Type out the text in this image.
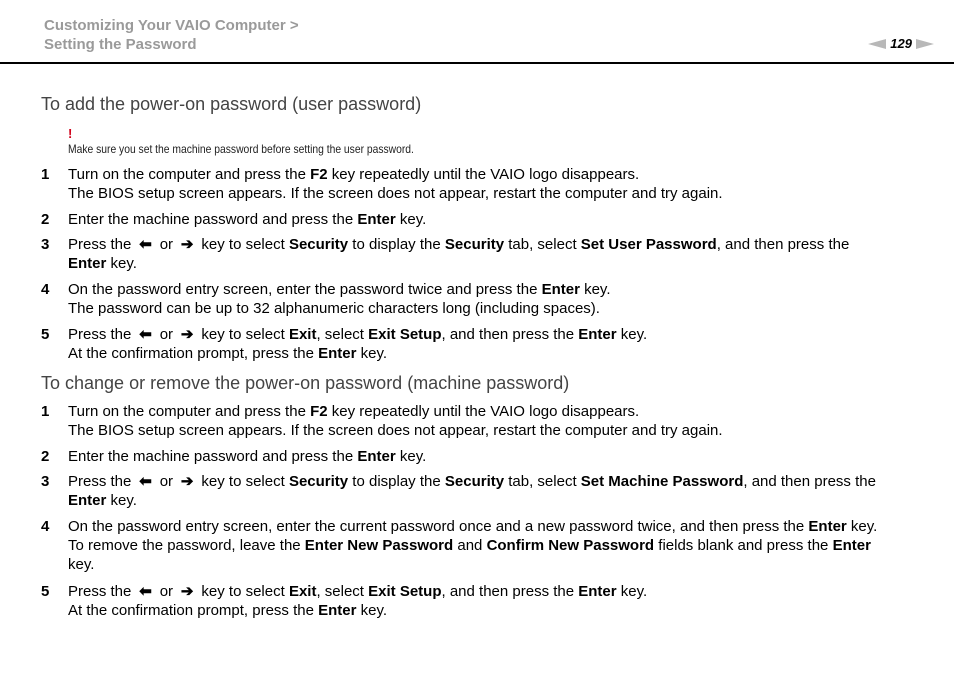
Customizing Your VAIO Computer >
Setting the Password	129
To add the power-on password (user password)
!
Make sure you set the machine password before setting the user password.
1 Turn on the computer and press the F2 key repeatedly until the VAIO logo disappears.
The BIOS setup screen appears. If the screen does not appear, restart the computer and try again.
2 Enter the machine password and press the Enter key.
3 Press the ⬅ or ➔ key to select Security to display the Security tab, select Set User Password, and then press the
Enter key.
4 On the password entry screen, enter the password twice and press the Enter key.
The password can be up to 32 alphanumeric characters long (including spaces).
5 Press the ⬅ or ➔ key to select Exit, select Exit Setup, and then press the Enter key.
At the confirmation prompt, press the Enter key.
To change or remove the power-on password (machine password)
1 Turn on the computer and press the F2 key repeatedly until the VAIO logo disappears.
The BIOS setup screen appears. If the screen does not appear, restart the computer and try again.
2 Enter the machine password and press the Enter key.
3 Press the ⬅ or ➔ key to select Security to display the Security tab, select Set Machine Password, and then press the
Enter key.
4 On the password entry screen, enter the current password once and a new password twice, and then press the Enter key.
To remove the password, leave the Enter New Password and Confirm New Password fields blank and press the Enter
key.
5 Press the ⬅ or ➔ key to select Exit, select Exit Setup, and then press the Enter key.
At the confirmation prompt, press the Enter key.
